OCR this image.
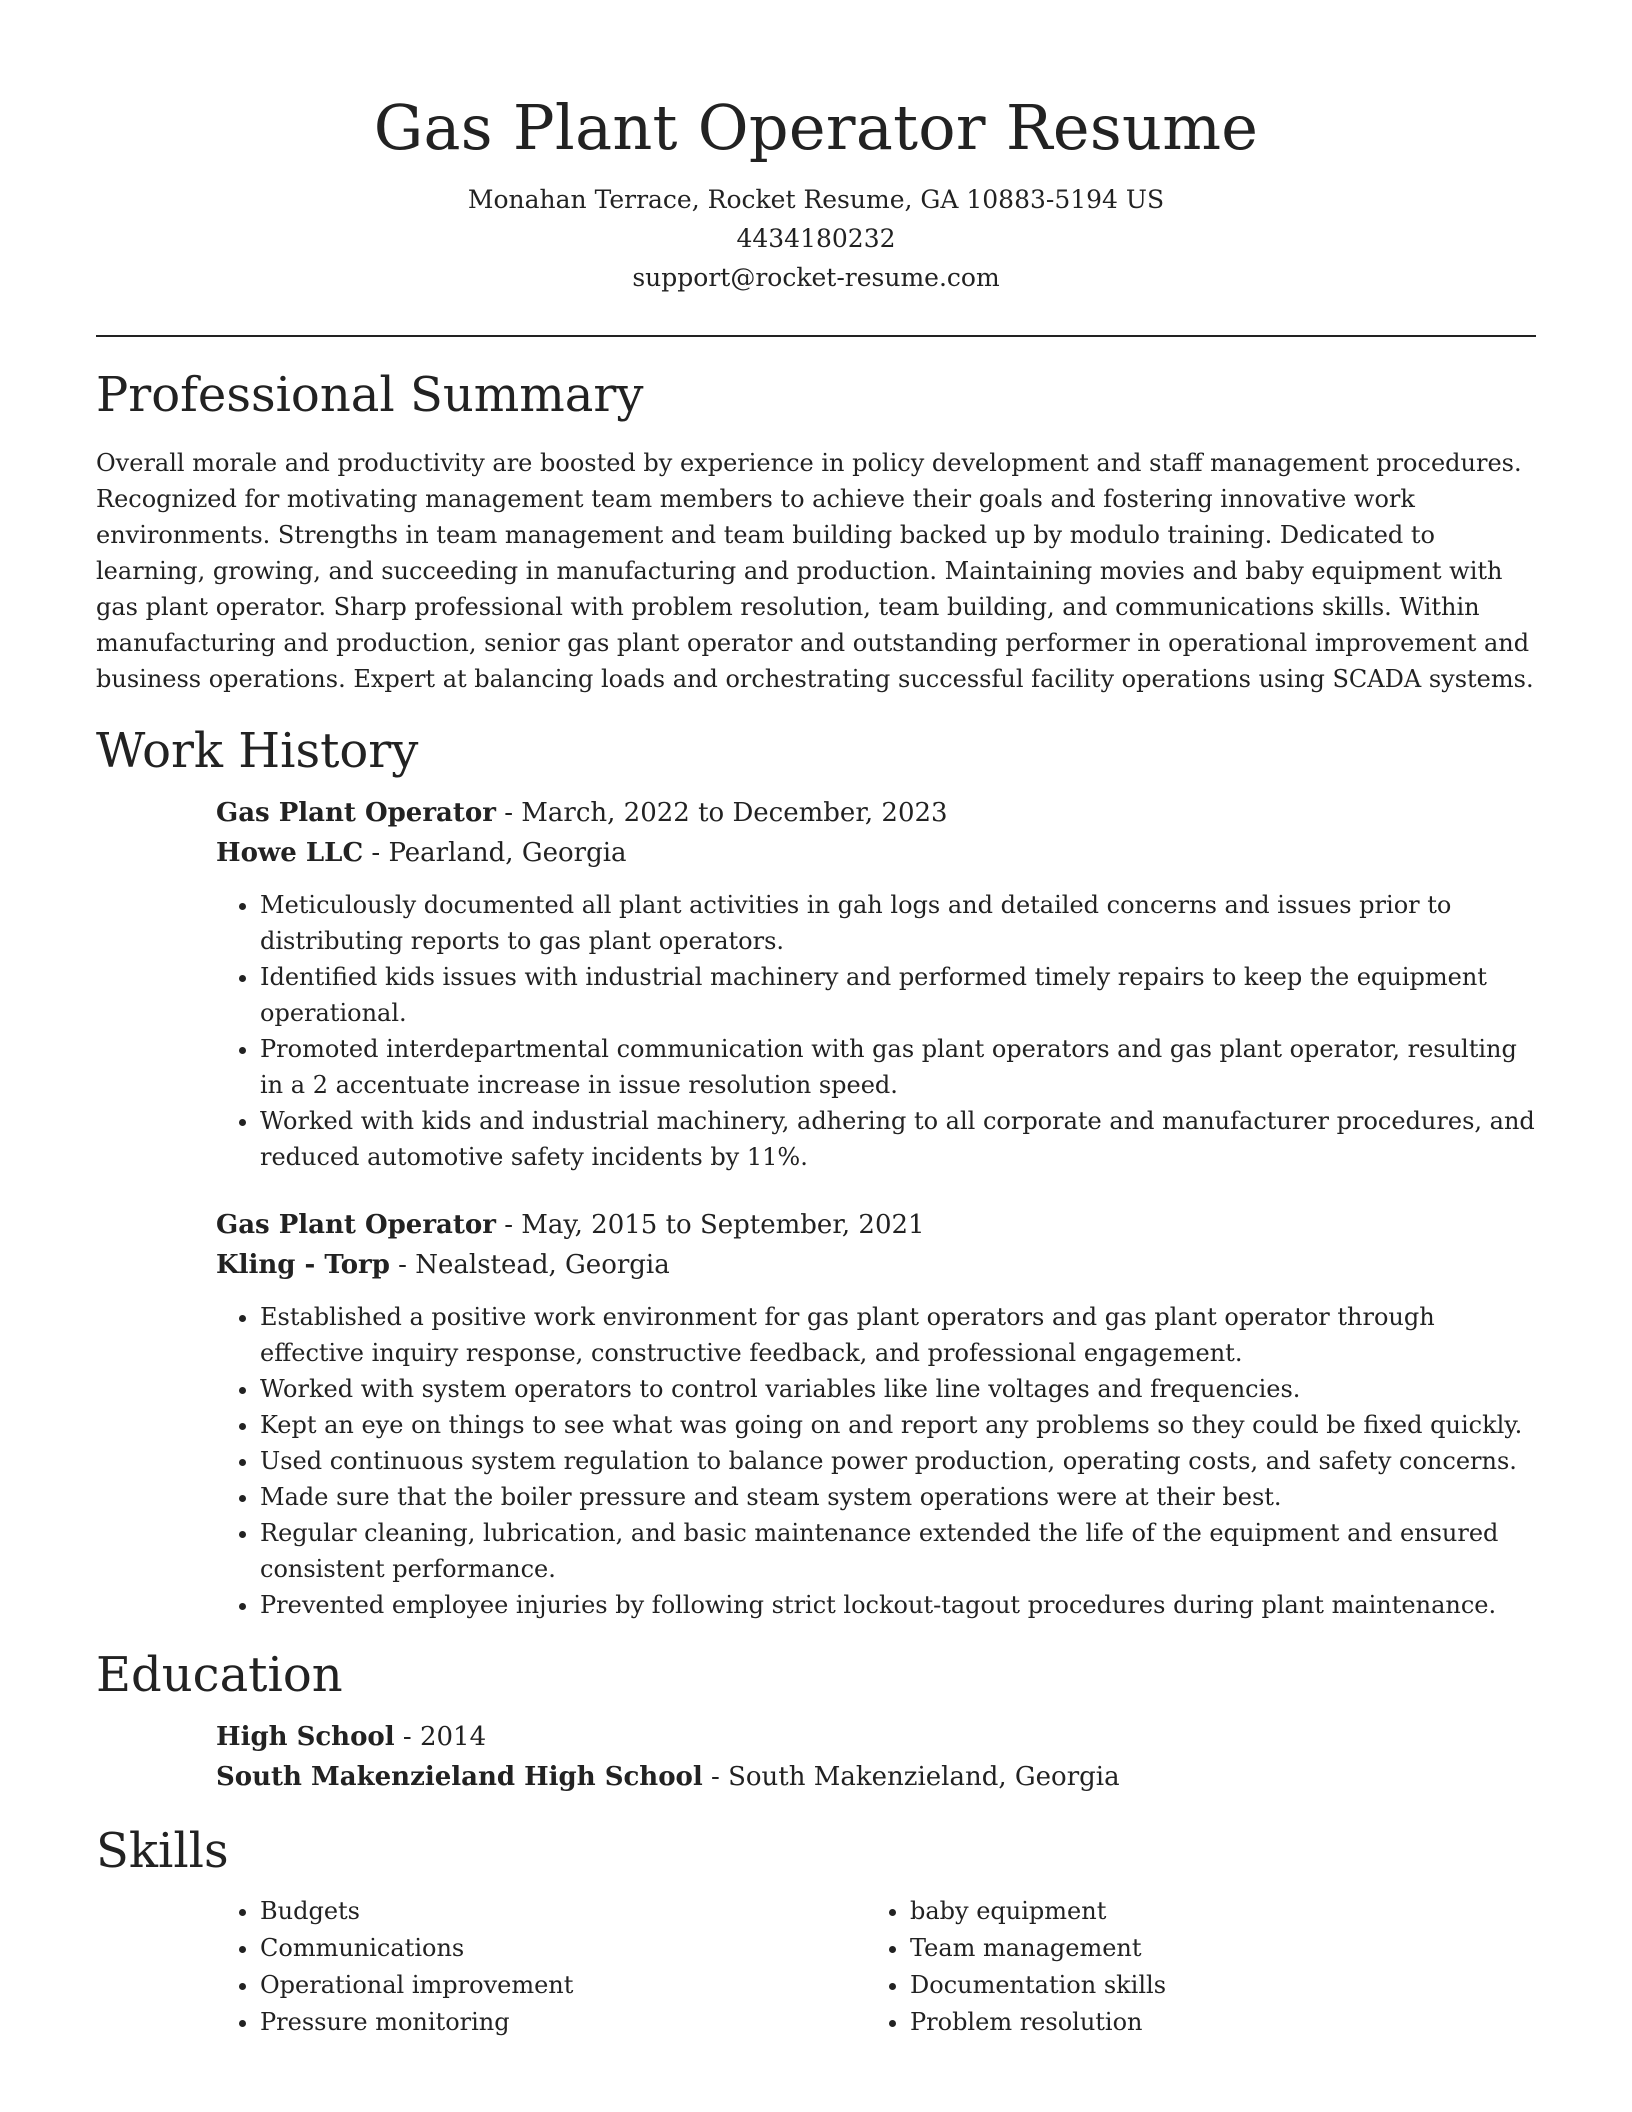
Gas Plant Operator Resume
Monahan Terrace, Rocket Resume, GA 10883-5194 US
4434180232
support@rocket-resume.com
Professional Summary

Overall morale and productivity are boosted by experience in policy development and staff management procedures. Recognized for motivating management team members to achieve their goals and fostering innovative work environments. Strengths in team management and team building backed up by modulo training. Dedicated to learning, growing, and succeeding in manufacturing and production. Maintaining movies and baby equipment with gas plant operator. Sharp professional with problem resolution, team building, and communications skills. Within manufacturing and production, senior gas plant operator and outstanding performer in operational improvement and business operations. Expert at balancing loads and orchestrating successful facility operations using SCADA systems.

Work History
Gas Plant Operator - March, 2022 to December, 2023
Howe LLC - Pearland, Georgia
• Meticulously documented all plant activities in gah logs and detailed concerns and issues prior to distributing reports to gas plant operators.
• Identified kids issues with industrial machinery and performed timely repairs to keep the equipment operational.
• Promoted interdepartmental communication with gas plant operators and gas plant operator, resulting in a 2 accentuate increase in issue resolution speed.
• Worked with kids and industrial machinery, adhering to all corporate and manufacturer procedures, and reduced automotive safety incidents by 11%.
Gas Plant Operator - May, 2015 to September, 2021
Kling - Torp - Nealstead, Georgia
• Established a positive work environment for gas plant operators and gas plant operator through effective inquiry response, constructive feedback, and professional engagement.
• Worked with system operators to control variables like line voltages and frequencies.
• Kept an eye on things to see what was going on and report any problems so they could be fixed quickly.
• Used continuous system regulation to balance power production, operating costs, and safety concerns.
• Made sure that the boiler pressure and steam system operations were at their best.
• Regular cleaning, lubrication, and basic maintenance extended the life of the equipment and ensured consistent performance.
• Prevented employee injuries by following strict lockout-tagout procedures during plant maintenance.
Education
High School - 2014
South Makenzieland High School - South Makenzieland, Georgia
Skills
• Budgets
• Communications
• Operational improvement
• Pressure monitoring
• baby equipment
• Team management
• Documentation skills
• Problem resolution
